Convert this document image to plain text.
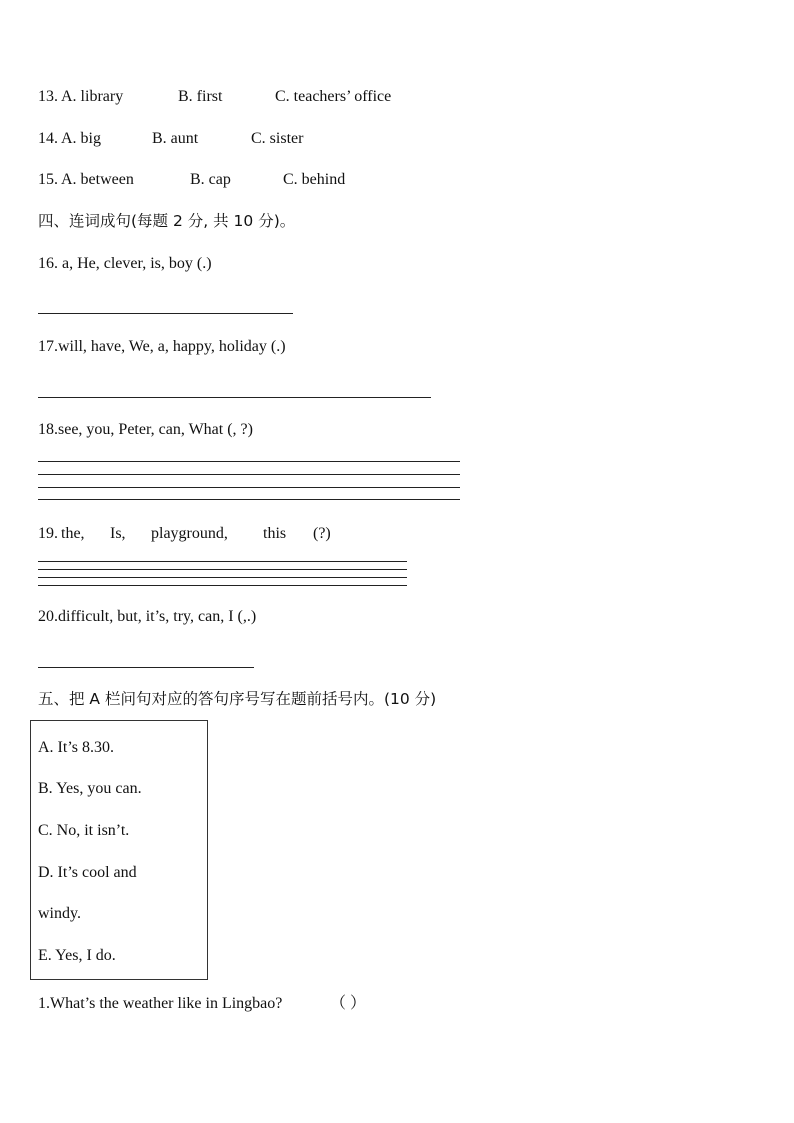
13. A. library	B. first	C. teachers’ office
14. A. big	B. aunt	C. sister
15. A. between	B. cap	C. behind
四、连词成句(每题 2 分, 共 10 分)。
16. a, He, clever, is, boy (.)
17.will, have, We, a, happy, holiday (.)
18.see, you, Peter, can, What (, ?)
19. the, Is, playground, this (?)
20.difficult, but, it’s, try, can, I (,.)
五、把 A 栏问句对应的答句序号写在题前括号内。(10 分)
A. It’s 8.30.
B. Yes, you can.
C. No, it isn’t.
D. It’s cool and
windy.
E. Yes, I do.
1.What’s the weather like in Lingbao?	（ ）
